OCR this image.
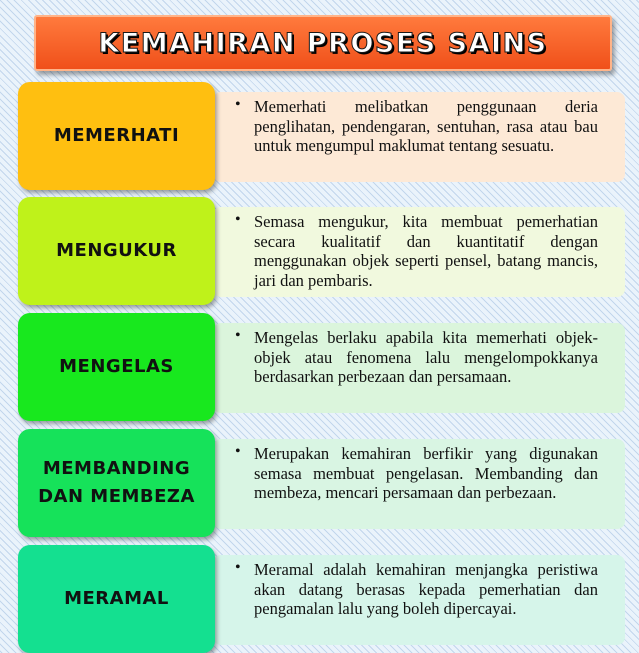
KEMAHIRAN PROSES SAINS
• Memerhati melibatkan penggunaan deria penglihatan, pendengaran, sentuhan, rasa atau bau untuk mengumpul maklumat tentang sesuatu.
MEMERHATI
• Semasa mengukur, kita membuat pemerhatian secara kualitatif dan kuantitatif dengan menggunakan objek seperti pensel, batang mancis, jari dan pembaris.
MENGUKUR
• Mengelas berlaku apabila kita memerhati objek-objek atau fenomena lalu mengelompokkanya berdasarkan perbezaan dan persamaan.
MENGELAS
• Merupakan kemahiran berfikir yang digunakan semasa membuat pengelasan. Membanding dan membeza, mencari persamaan dan perbezaan.
MEMBANDING
DAN MEMBEZA
• Meramal adalah kemahiran menjangka peristiwa akan datang berasas kepada pemerhatian dan pengamalan lalu yang boleh dipercayai.
MERAMAL
